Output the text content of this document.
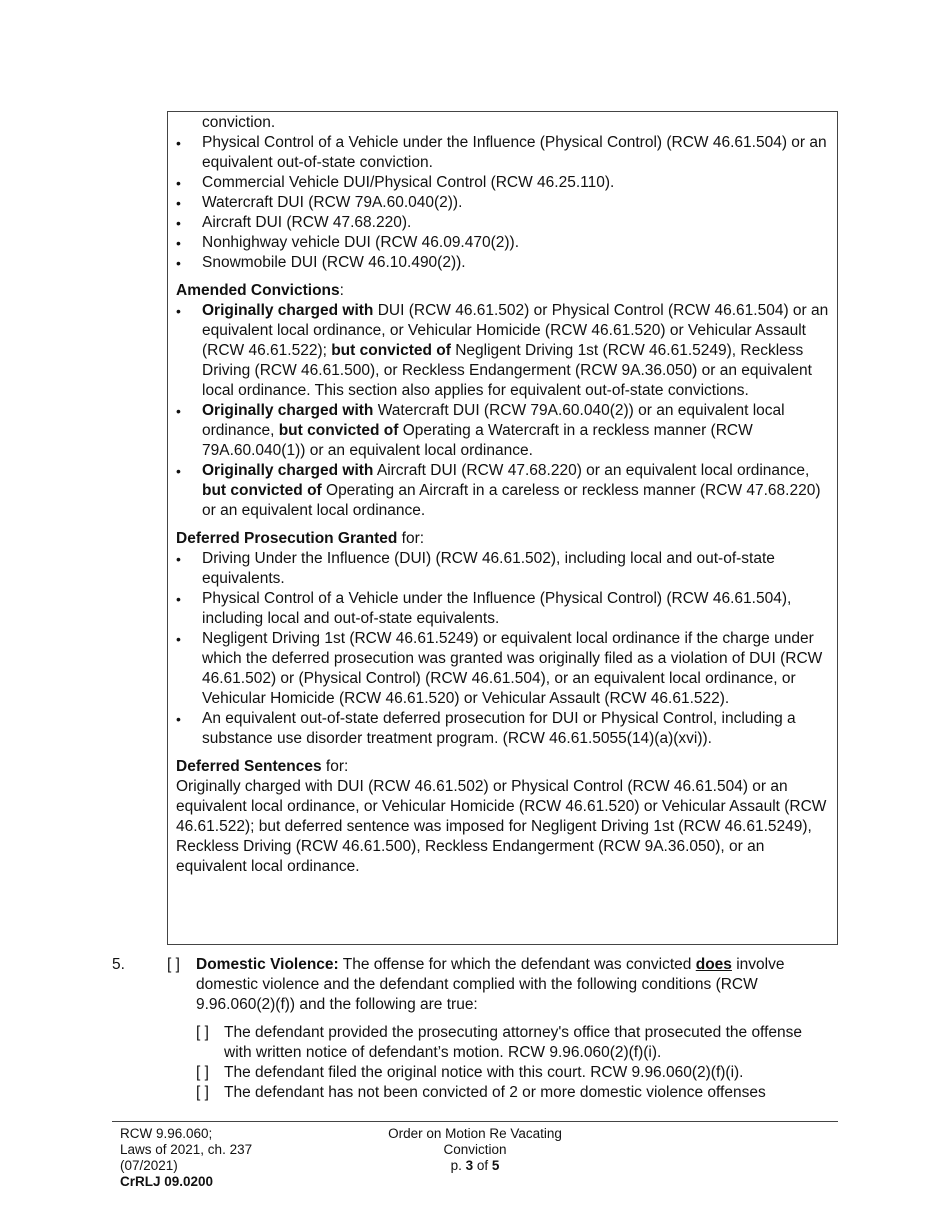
conviction.
• Physical Control of a Vehicle under the Influence (Physical Control) (RCW 46.61.504) or an equivalent out-of-state conviction.
• Commercial Vehicle DUI/Physical Control (RCW 46.25.110).
• Watercraft DUI (RCW 79A.60.040(2)).
• Aircraft DUI (RCW 47.68.220).
• Nonhighway vehicle DUI (RCW 46.09.470(2)).
• Snowmobile DUI (RCW 46.10.490(2)).
Amended Convictions:
• Originally charged with DUI (RCW 46.61.502) or Physical Control (RCW 46.61.504) or an equivalent local ordinance, or Vehicular Homicide (RCW 46.61.520) or Vehicular Assault (RCW 46.61.522); but convicted of Negligent Driving 1st (RCW 46.61.5249), Reckless Driving (RCW 46.61.500), or Reckless Endangerment (RCW 9A.36.050) or an equivalent local ordinance. This section also applies for equivalent out-of-state convictions.
• Originally charged with Watercraft DUI (RCW 79A.60.040(2)) or an equivalent local ordinance, but convicted of Operating a Watercraft in a reckless manner (RCW 79A.60.040(1)) or an equivalent local ordinance.
• Originally charged with Aircraft DUI (RCW 47.68.220) or an equivalent local ordinance, but convicted of Operating an Aircraft in a careless or reckless manner (RCW 47.68.220) or an equivalent local ordinance.
Deferred Prosecution Granted for:
• Driving Under the Influence (DUI) (RCW 46.61.502), including local and out-of-state equivalents.
• Physical Control of a Vehicle under the Influence (Physical Control) (RCW 46.61.504), including local and out-of-state equivalents.
• Negligent Driving 1st (RCW 46.61.5249) or equivalent local ordinance if the charge under which the deferred prosecution was granted was originally filed as a violation of DUI (RCW 46.61.502) or (Physical Control) (RCW 46.61.504), or an equivalent local ordinance, or Vehicular Homicide (RCW 46.61.520) or Vehicular Assault (RCW 46.61.522).
• An equivalent out-of-state deferred prosecution for DUI or Physical Control, including a substance use disorder treatment program. (RCW 46.61.5055(14)(a)(xvi)).
Deferred Sentences for:

Originally charged with DUI (RCW 46.61.502) or Physical Control (RCW 46.61.504) or an equivalent local ordinance, or Vehicular Homicide (RCW 46.61.520) or Vehicular Assault (RCW 46.61.522); but deferred sentence was imposed for Negligent Driving 1st (RCW 46.61.5249), Reckless Driving (RCW 46.61.500), Reckless Endangerment (RCW 9A.36.050), or an equivalent local ordinance.

5.	[ ] Domestic Violence: The offense for which the defendant was convicted does involve domestic violence and the defendant complied with the following conditions (RCW 9.96.060(2)(f)) and the following are true:
[ ] The defendant provided the prosecuting attorney's office that prosecuted the offense with written notice of defendant’s motion. RCW 9.96.060(2)(f)(i).
[ ] The defendant filed the original notice with this court. RCW 9.96.060(2)(f)(i).
[ ] The defendant has not been convicted of 2 or more domestic violence offenses
RCW 9.96.060;
Laws of 2021, ch. 237
(07/2021)
CrRLJ 09.0200
Order on Motion Re Vacating
Conviction
p. 3 of 5
